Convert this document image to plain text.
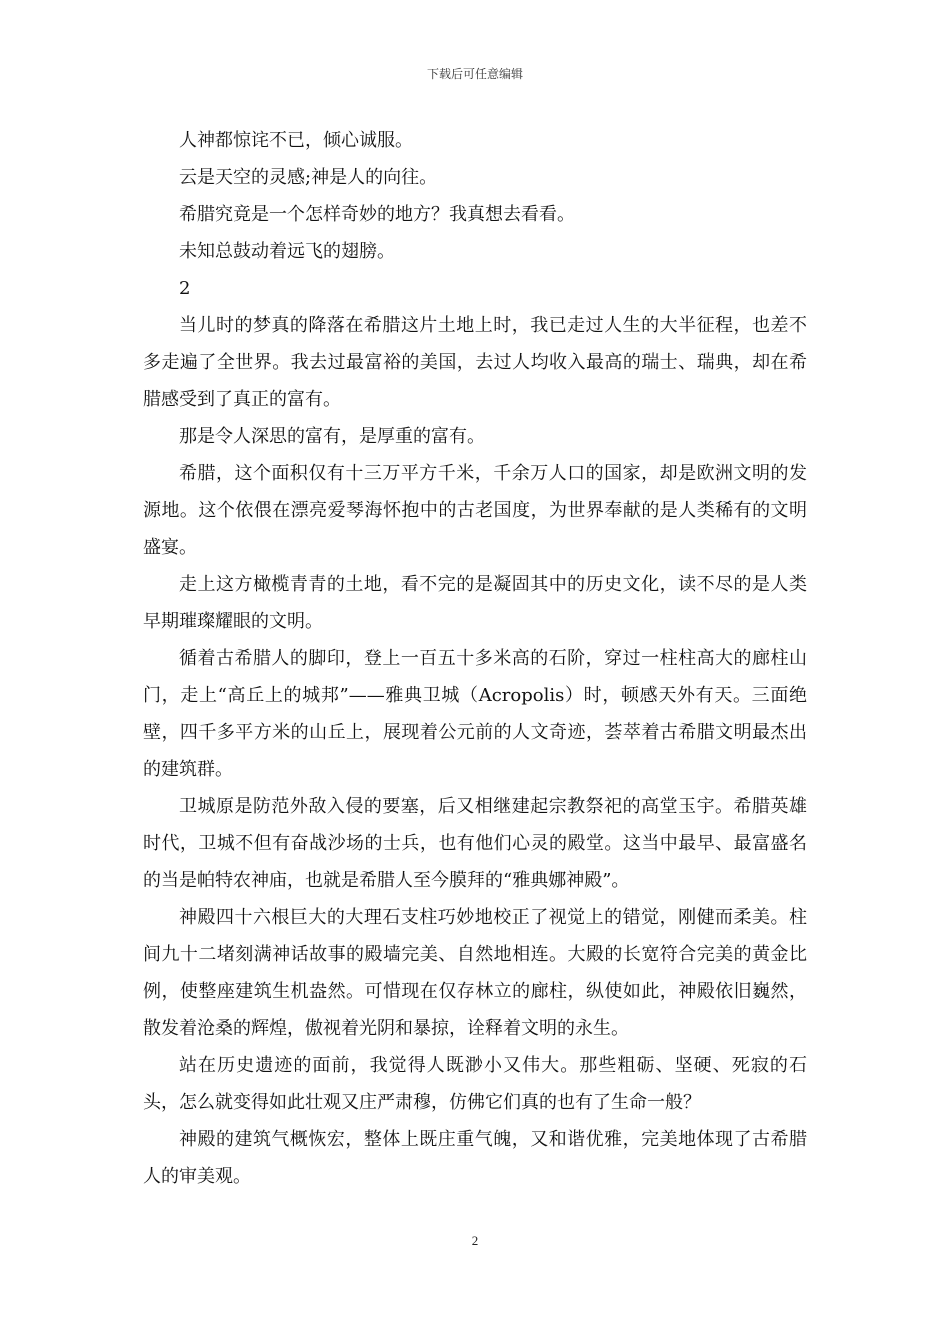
下载后可任意编辑

人神都惊诧不已，倾心诚服。

云是天空的灵感;神是人的向往。

希腊究竟是一个怎样奇妙的地方？我真想去看看。

未知总鼓动着远飞的翅膀。

2

当儿时的梦真的降落在希腊这片土地上时，我已走过人生的大半征程，也差不多走遍了全世界。我去过最富裕的美国，去过人均收入最高的瑞士、瑞典，却在希腊感受到了真正的富有。

那是令人深思的富有，是厚重的富有。

希腊，这个面积仅有十三万平方千米，千余万人口的国家，却是欧洲文明的发源地。这个依偎在漂亮爱琴海怀抱中的古老国度，为世界奉献的是人类稀有的文明盛宴。

走上这方橄榄青青的土地，看不完的是凝固其中的历史文化，读不尽的是人类早期璀璨耀眼的文明。

循着古希腊人的脚印，登上一百五十多米高的石阶，穿过一柱柱高大的廊柱山门，走上“高丘上的城邦”——雅典卫城（Acropolis）时，顿感天外有天。三面绝壁，四千多平方米的山丘上，展现着公元前的人文奇迹，荟萃着古希腊文明最杰出的建筑群。

卫城原是防范外敌入侵的要塞，后又相继建起宗教祭祀的高堂玉宇。希腊英雄时代，卫城不但有奋战沙场的士兵，也有他们心灵的殿堂。这当中最早、最富盛名的当是帕特农神庙，也就是希腊人至今膜拜的“雅典娜神殿”。

神殿四十六根巨大的大理石支柱巧妙地校正了视觉上的错觉，刚健而柔美。柱间九十二堵刻满神话故事的殿墙完美、自然地相连。大殿的长宽符合完美的黄金比例，使整座建筑生机盎然。可惜现在仅存林立的廊柱，纵使如此，神殿依旧巍然，散发着沧桑的辉煌，傲视着光阴和暴掠，诠释着文明的永生。

站在历史遗迹的面前，我觉得人既渺小又伟大。那些粗砺、坚硬、死寂的石头，怎么就变得如此壮观又庄严肃穆，仿佛它们真的也有了生命一般？

神殿的建筑气概恢宏，整体上既庄重气魄，又和谐优雅，完美地体现了古希腊人的审美观。

2
